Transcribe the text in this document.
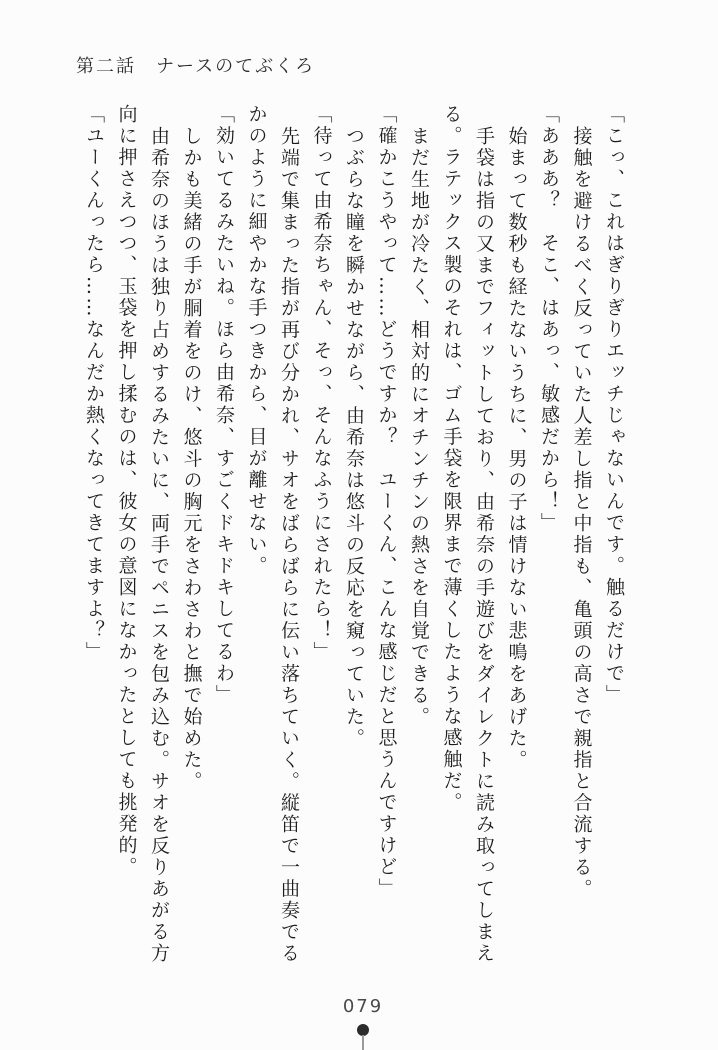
第二話　ナースのてぶくろ

「こっ、これはぎりぎりエッチじゃないんです。触るだけで」

接触を避けるべく反っていた人差し指と中指も、亀頭の高さで親指と合流する。

「あああ？　そこ、はあっ、敏感だから！」

始まって数秒も経たないうちに、男の子は情けない悲鳴をあげた。

手袋は指の又までフィットしており、由希奈の手遊びをダイレクトに読み取ってしまえる。ラテックス製のそれは、ゴム手袋を限界まで薄くしたような感触だ。

まだ生地が冷たく、相対的にオチンチンの熱さを自覚できる。

「確かこうやって……どうですか？　ユーくん、こんな感じだと思うんですけど」

つぶらな瞳を瞬かせながら、由希奈は悠斗の反応を窺っていた。

「待って由希奈ちゃん、そっ、そんなふうにされたら！」

先端で集まった指が再び分かれ、サオをばらばらに伝い落ちていく。縦笛で一曲奏でるかのように細やかな手つきから、目が離せない。

「効いてるみたいね。ほら由希奈、すごくドキドキしてるわ」

しかも美緒の手が胴着をのけ、悠斗の胸元をさわさわと撫で始めた。

由希奈のほうは独り占めするみたいに、両手でペニスを包み込む。サオを反りあがる方向に押さえつつ、玉袋を押し揉むのは、彼女の意図になかったとしても挑発的。

「ユーくんったら……なんだか熱くなってきてますよ？」

079
